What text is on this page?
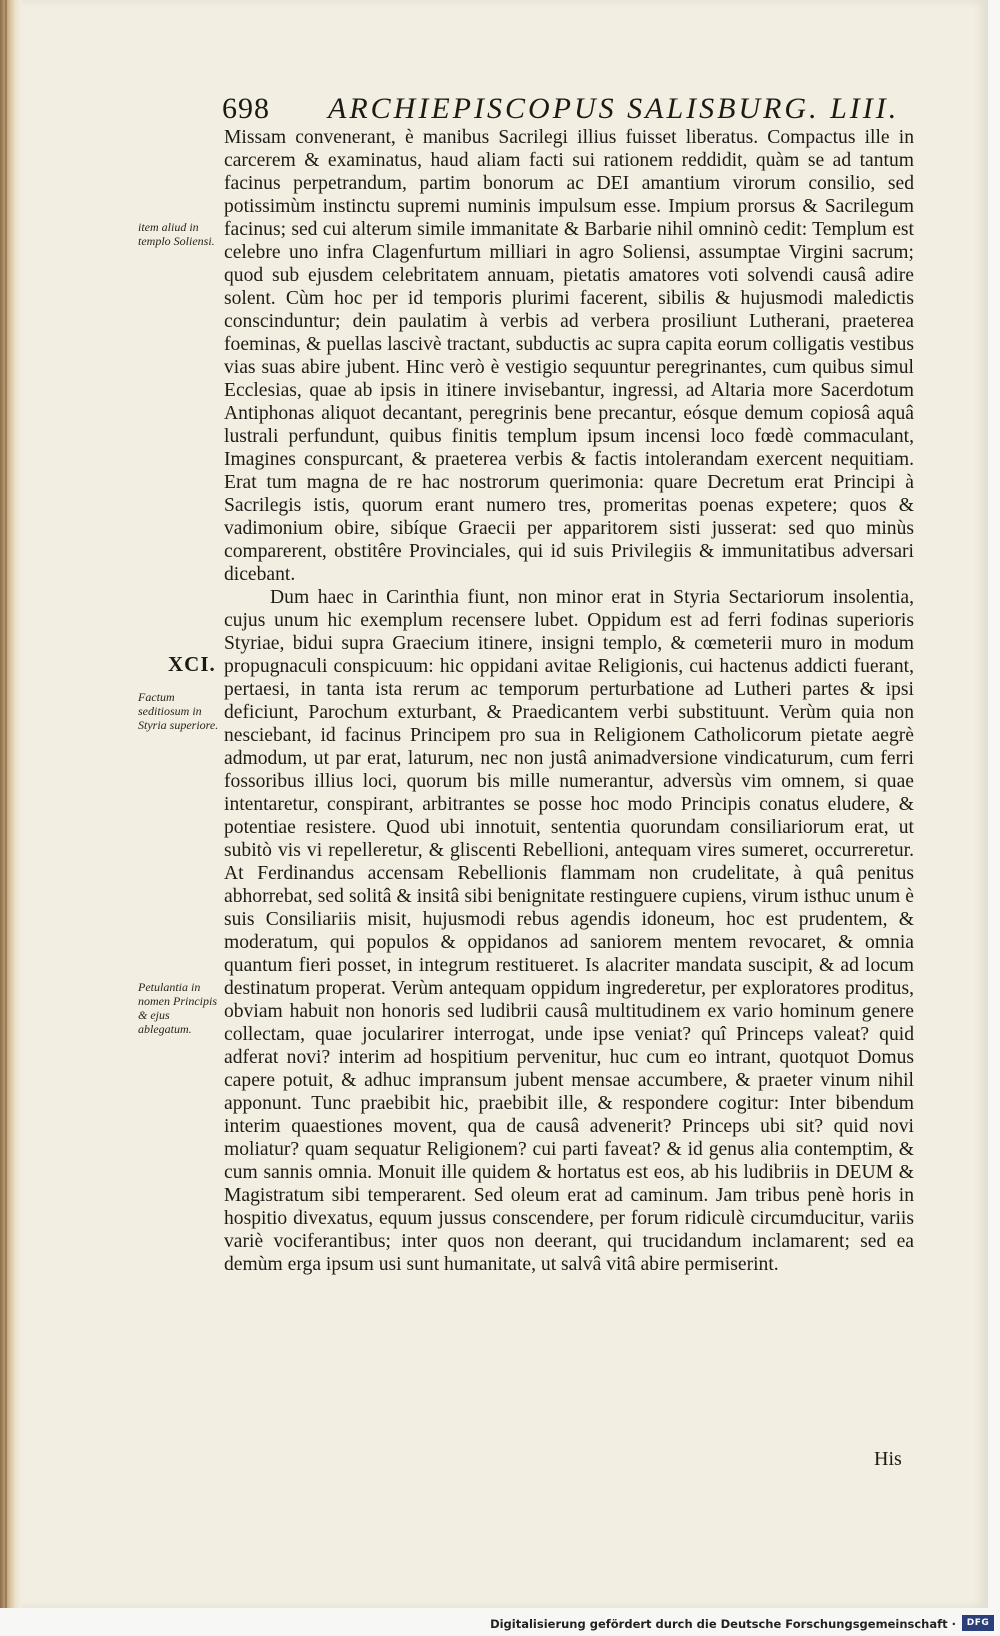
698 ARCHIEPISCOPUS SALISBURG. LIII.
item aliud in templo Soliensi.
XCI.
Factum seditiosum in Styria superiore.
Petulantia in nomen Principis & ejus ablegatum.

Missam convenerant, è manibus Sacrilegi illius fuisset liberatus. Compactus ille in carcerem & examinatus, haud aliam facti sui rationem reddidit, quàm se ad tantum facinus perpetrandum, partim bonorum ac DEI amantium virorum consilio, sed potissimùm instinctu supremi numinis impulsum esse. Impium prorsus & Sacrilegum facinus; sed cui alterum simile immanitate & Barbarie nihil omninò cedit: Templum est celebre uno infra Clagenfurtum milliari in agro Soliensi, assumptae Virgini sacrum; quod sub ejusdem celebritatem annuam, pietatis amatores voti solvendi causâ adire solent. Cùm hoc per id temporis plurimi facerent, sibilis & hujusmodi maledictis conscinduntur; dein paulatim à verbis ad verbera prosiliunt Lutherani, praeterea foeminas, & puellas lascivè tractant, subductis ac supra capita eorum colligatis vestibus vias suas abire jubent. Hinc verò è vestigio sequuntur peregrinantes, cum quibus simul Ecclesias, quae ab ipsis in itinere invisebantur, ingressi, ad Altaria more Sacerdotum Antiphonas aliquot decantant, peregrinis bene precantur, eósque demum copiosâ aquâ lustrali perfundunt, quibus finitis templum ipsum incensi loco fœdè commaculant, Imagines conspurcant, & praeterea verbis & factis intolerandam exercent nequitiam. Erat tum magna de re hac nostrorum querimonia: quare Decretum erat Principi à Sacrilegis istis, quorum erant numero tres, promeritas poenas expetere; quos & vadimonium obire, sibíque Graecii per apparitorem sisti jusserat: sed quo minùs comparerent, obstitêre Provinciales, qui id suis Privilegiis & immunitatibus adversari dicebant.

Dum haec in Carinthia fiunt, non minor erat in Styria Sectariorum insolentia, cujus unum hic exemplum recensere lubet. Oppidum est ad ferri fodinas superioris Styriae, bidui supra Graecium itinere, insigni templo, & cœmeterii muro in modum propugnaculi conspicuum: hic oppidani avitae Religionis, cui hactenus addicti fuerant, pertaesi, in tanta ista rerum ac temporum perturbatione ad Lutheri partes & ipsi deficiunt, Parochum exturbant, & Praedicantem verbi substituunt. Verùm quia non nesciebant, id facinus Principem pro sua in Religionem Catholicorum pietate aegrè admodum, ut par erat, laturum, nec non justâ animadversione vindicaturum, cum ferri fossoribus illius loci, quorum bis mille numerantur, adversùs vim omnem, si quae intentaretur, conspirant, arbitrantes se posse hoc modo Principis conatus eludere, & potentiae resistere. Quod ubi innotuit, sententia quorundam consiliariorum erat, ut subitò vis vi repelleretur, & gliscenti Rebellioni, antequam vires sumeret, occurreretur. At Ferdinandus accensam Rebellionis flammam non crudelitate, à quâ penitus abhorrebat, sed solitâ & insitâ sibi benignitate restinguere cupiens, virum isthuc unum è suis Consiliariis misit, hujusmodi rebus agendis idoneum, hoc est prudentem, & moderatum, qui populos & oppidanos ad saniorem mentem revocaret, & omnia quantum fieri posset, in integrum restitueret. Is alacriter mandata suscipit, & ad locum destinatum properat. Verùm antequam oppidum ingrederetur, per exploratores proditus, obviam habuit non honoris sed ludibrii causâ multitudinem ex vario hominum genere collectam, quae jocularirer interrogat, unde ipse veniat? quî Princeps valeat? quid adferat novi? interim ad hospitium pervenitur, huc cum eo intrant, quotquot Domus capere potuit, & adhuc impransum jubent mensae accumbere, & praeter vinum nihil apponunt. Tunc praebibit hic, praebibit ille, & respondere cogitur: Inter bibendum interim quaestiones movent, qua de causâ advenerit? Princeps ubi sit? quid novi moliatur? quam sequatur Religionem? cui parti faveat? & id genus alia contemptim, & cum sannis omnia. Monuit ille quidem & hortatus est eos, ab his ludibriis in DEUM & Magistratum sibi temperarent. Sed oleum erat ad caminum. Jam tribus penè horis in hospitio divexatus, equum jussus conscendere, per forum ridiculè circumducitur, variis variè vociferantibus; inter quos non deerant, qui trucidandum inclamarent; sed ea demùm erga ipsum usi sunt humanitate, ut salvâ vitâ abire permiserint.

His
Digitalisierung gefördert durch die Deutsche Forschungsgemeinschaft ·	DFG
